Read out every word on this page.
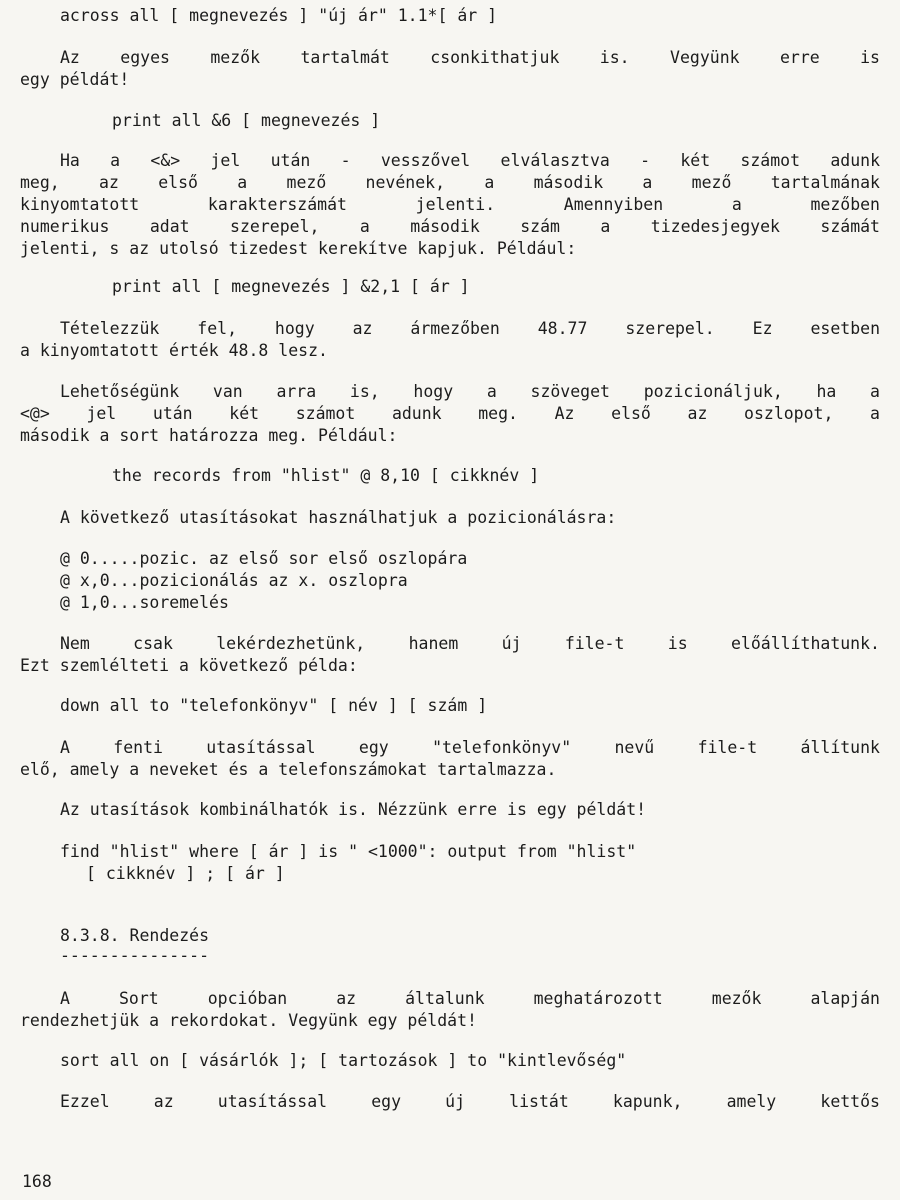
across all [ megnevezés ] "új ár" 1.1*[ ár ]
Az egyes mezők tartalmát csonkithatjuk is. Vegyünk erre is
egy példát!
print all &6 [ megnevezés ]
Ha a <&> jel után - vesszővel elválasztva - két számot adunk
meg, az első a mező nevének, a második a mező tartalmának
kinyomtatott karakterszámát jelenti. Amennyiben a mezőben
numerikus adat szerepel, a második szám a tizedesjegyek számát
jelenti, s az utolsó tizedest kerekítve kapjuk. Például:
print all [ megnevezés ] &2,1 [ ár ]
Tételezzük fel, hogy az ármezőben 48.77 szerepel. Ez esetben
a kinyomtatott érték 48.8 lesz.
Lehetőségünk van arra is, hogy a szöveget pozicionáljuk, ha a
<@> jel után két számot adunk meg. Az első az oszlopot, a
második a sort határozza meg. Például:
the records from "hlist" @ 8,10 [ cikknév ]
A következő utasításokat használhatjuk a pozicionálásra:
@ 0.....pozic. az első sor első oszlopára
@ x,0...pozicionálás az x. oszlopra
@ 1,0...soremelés
Nem csak lekérdezhetünk, hanem új file-t is előállíthatunk.
Ezt szemlélteti a következő példa:
down all to "telefonkönyv" [ név ] [ szám ]
A fenti utasítással egy "telefonkönyv" nevű file-t állítunk
elő, amely a neveket és a telefonszámokat tartalmazza.
Az utasítások kombinálhatók is. Nézzünk erre is egy példát!
find "hlist" where [ ár ] is " <1000": output from "hlist"
[ cikknév ] ; [ ár ]
8.3.8. Rendezés
---------------
A Sort opcióban az általunk meghatározott mezők alapján
rendezhetjük a rekordokat. Vegyünk egy példát!
sort all on [ vásárlók ]; [ tartozások ] to "kintlevőség"
Ezzel az utasítással egy új listát kapunk, amely kettős
168
